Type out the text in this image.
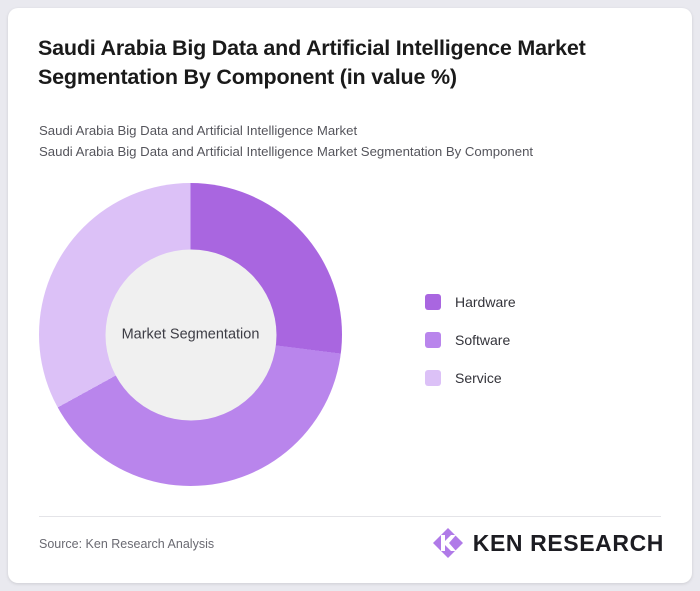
Saudi Arabia Big Data and Artificial Intelligence Market Segmentation By Component (in value %)
Saudi Arabia Big Data and Artificial Intelligence Market
Saudi Arabia Big Data and Artificial Intelligence Market Segmentation By Component
Market Segmentation
Hardware
Software
Service
Source: Ken Research Analysis	KEN RESEARCH
